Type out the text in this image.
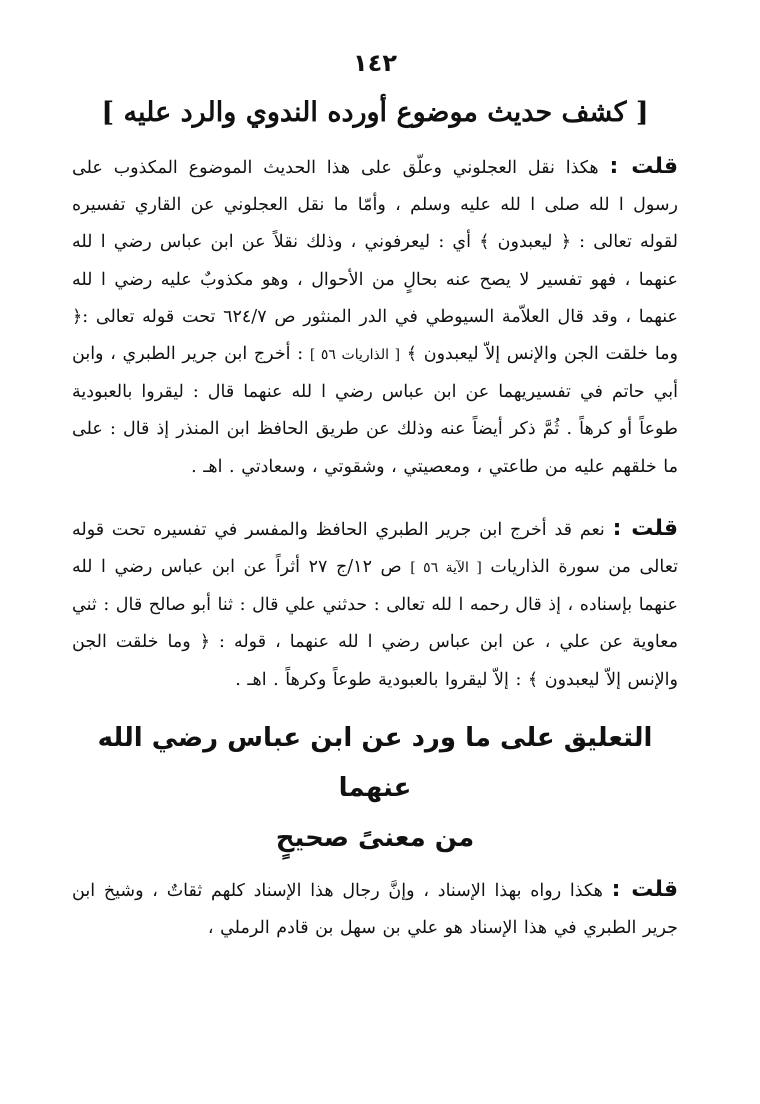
١٤٢
[ كشف حديث موضوع أورده الندوي والرد عليه ]

قلت : هكذا نقل العجلوني وعلّق على هذا الحديث الموضوع المكذوب على رسول ا لله صلى ا لله عليه وسلم ، وأمّا ما نقل العجلوني عن القاري تفسيره لقوله تعالى : ﴿ ليعبدون ﴾ أي : ليعرفوني ، وذلك نقلاً عن ابن عباس رضي ا لله عنهما ، فهو تفسير لا يصح عنه بحالٍ من الأحوال ، وهو مكذوبٌ عليه رضي ا لله عنهما ، وقد قال العلاّمة السيوطي في الدر المنثور ص ٦٢٤/٧ تحت قوله تعالى :﴿ وما خلقت الجن والإنس إلاّ ليعبدون ﴾ [ الذاريات ٥٦ ] : أخرج ابن جرير الطبري ، وابن أبي حاتم في تفسيريهما عن ابن عباس رضي ا لله عنهما قال : ليقروا بالعبودية طوعاً أو كرهاً . ثُمَّ ذكر أيضاً عنه وذلك عن طريق الحافظ ابن المنذر إذ قال : على ما خلقهم عليه من طاعتي ، ومعصيتي ، وشقوتي ، وسعادتي . اهـ .

قلت : نعم قد أخرج ابن جرير الطبري الحافظ والمفسر في تفسيره تحت قوله تعالى من سورة الذاريات [ الآية ٥٦ ] ص ١٢/ج ٢٧ أثراً عن ابن عباس رضي ا لله عنهما بإسناده ، إذ قال رحمه ا لله تعالى : حدثني علي قال : ثنا أبو صالح قال : ثني معاوية عن علي ، عن ابن عباس رضي ا لله عنهما ، قوله : ﴿ وما خلقت الجن والإنس إلاّ ليعبدون ﴾ : إلاّ ليقروا بالعبودية طوعاً وكرهاً . اهـ .

التعليق على ما ورد عن ابن عباس رضي الله عنهما
من معنىً صحيحٍ

قلت : هكذا رواه بهذا الإسناد ، وإنَّ رجال هذا الإسناد كلهم ثقاتٌ ، وشيخ ابن جرير الطبري في هذا الإسناد هو علي بن سهل بن قادم الرملي ،
